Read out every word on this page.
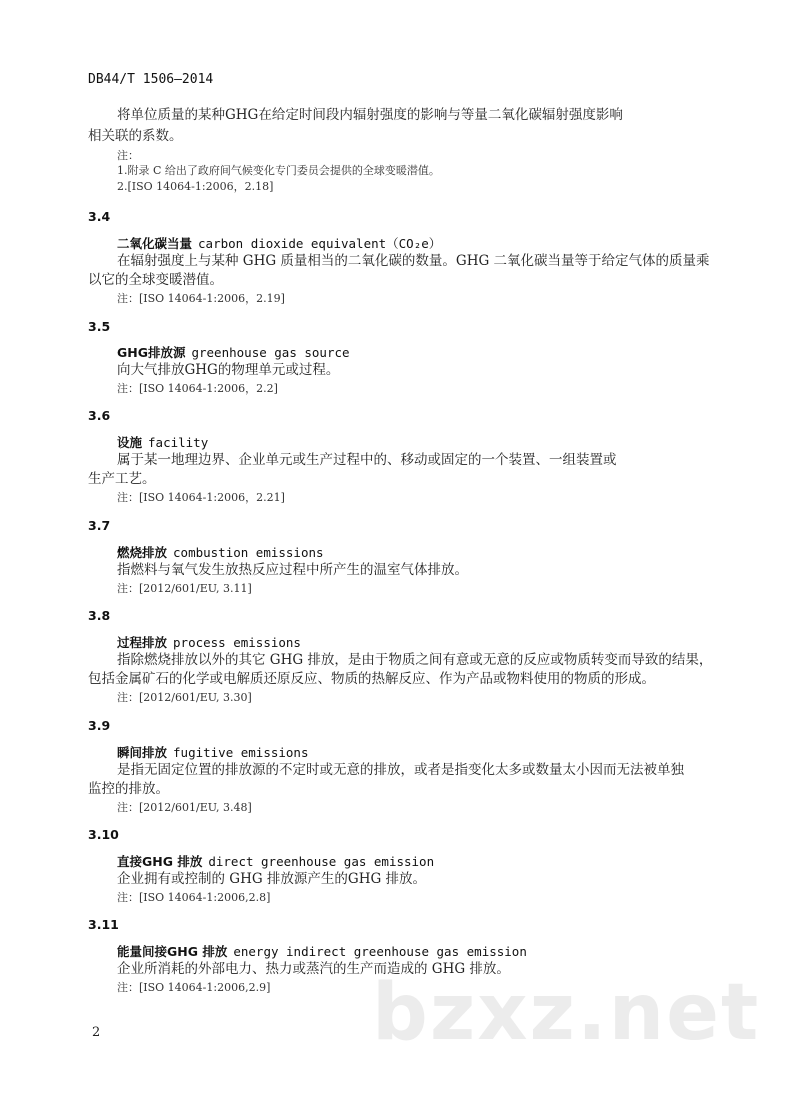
DB44/T 1506—2014
将单位质量的某种GHG在给定时间段内辐射强度的影响与等量二氧化碳辐射强度影响
相关联的系数。
注：
1.附录 C 给出了政府间气候变化专门委员会提供的全球变暖潜值。
2.[ISO 14064-1:2006，2.18]
3.4
二氧化碳当量 carbon dioxide equivalent（CO₂e）
在辐射强度上与某种 GHG 质量相当的二氧化碳的数量。GHG 二氧化碳当量等于给定气体的质量乘
以它的全球变暖潜值。
注：[ISO 14064-1:2006，2.19]
3.5
GHG排放源 greenhouse gas source
向大气排放GHG的物理单元或过程。
注：[ISO 14064-1:2006，2.2]
3.6
设施 facility
属于某一地理边界、企业单元或生产过程中的、移动或固定的一个装置、一组装置或
生产工艺。
注：[ISO 14064-1:2006，2.21]
3.7
燃烧排放 combustion emissions
指燃料与氧气发生放热反应过程中所产生的温室气体排放。
注：[2012/601/EU, 3.11]
3.8
过程排放 process emissions
指除燃烧排放以外的其它 GHG 排放，是由于物质之间有意或无意的反应或物质转变而导致的结果，
包括金属矿石的化学或电解质还原反应、物质的热解反应、作为产品或物料使用的物质的形成。
注：[2012/601/EU, 3.30]
3.9
瞬间排放 fugitive emissions
是指无固定位置的排放源的不定时或无意的排放，或者是指变化太多或数量太小因而无法被单独
监控的排放。
注：[2012/601/EU, 3.48]
3.10
直接GHG 排放 direct greenhouse gas emission
企业拥有或控制的 GHG 排放源产生的GHG 排放。
注：[ISO 14064-1:2006,2.8]
3.11
能量间接GHG 排放 energy indirect greenhouse gas emission
企业所消耗的外部电力、热力或蒸汽的生产而造成的 GHG 排放。
注：[ISO 14064-1:2006,2.9] bzxz.net
2
